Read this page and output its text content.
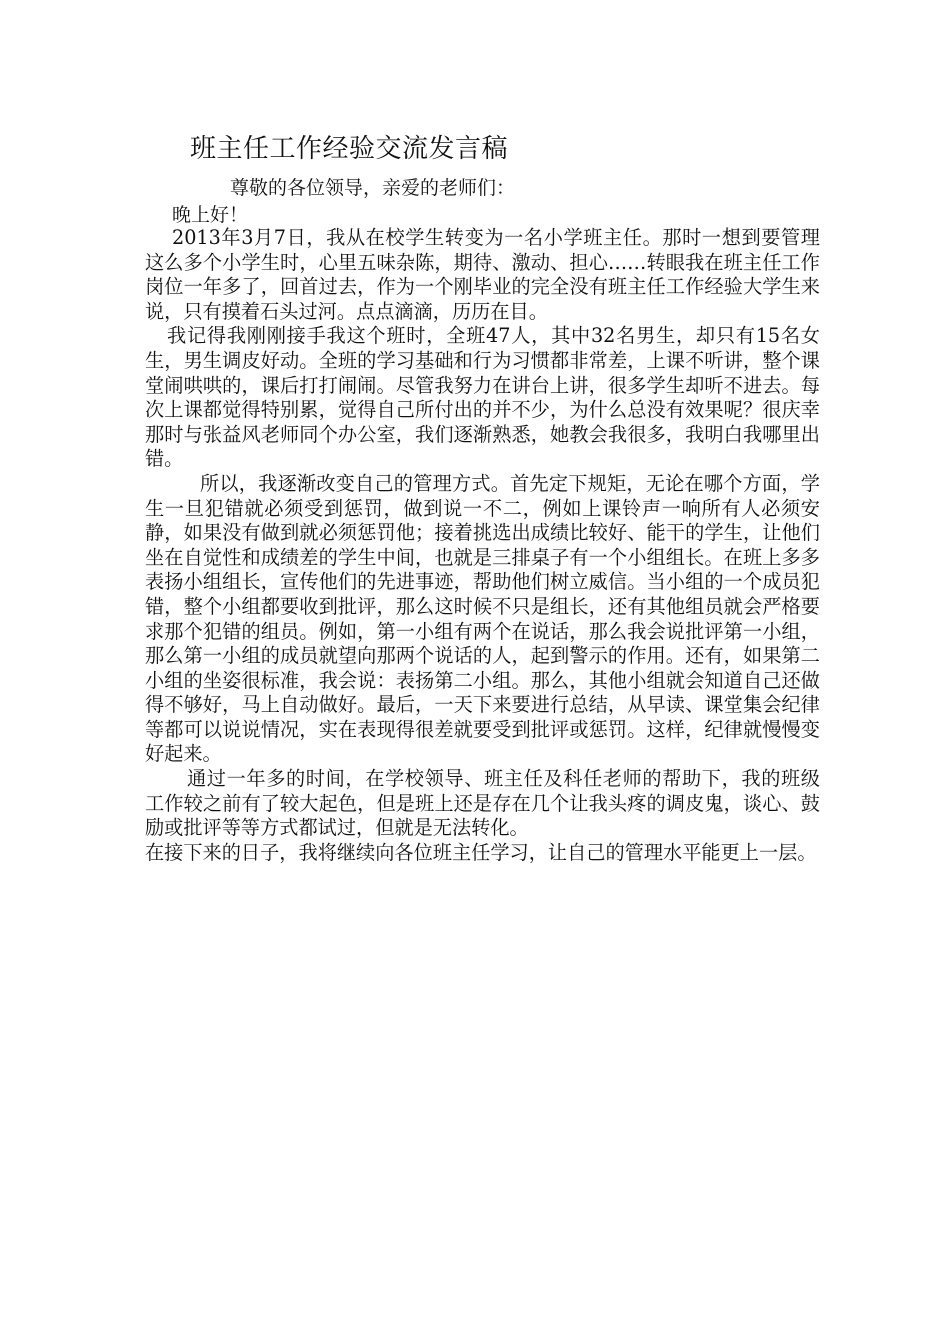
班主任工作经验交流发言稿
尊敬的各位领导，亲爱的老师们：
晚上好！

2013年3月7日，我从在校学生转变为一名小学班主任。那时一想到要管理这么多个小学生时，心里五味杂陈，期待、激动、担心……转眼我在班主任工作岗位一年多了，回首过去，作为一个刚毕业的完全没有班主任工作经验大学生来说，只有摸着石头过河。点点滴滴，历历在目。

我记得我刚刚接手我这个班时，全班47人，其中32名男生，却只有15名女生，男生调皮好动。全班的学习基础和行为习惯都非常差，上课不听讲，整个课堂闹哄哄的，课后打打闹闹。尽管我努力在讲台上讲，很多学生却听不进去。每次上课都觉得特别累，觉得自己所付出的并不少，为什么总没有效果呢？很庆幸那时与张益风老师同个办公室，我们逐渐熟悉，她教会我很多，我明白我哪里出错。

所以，我逐渐改变自己的管理方式。首先定下规矩，无论在哪个方面，学生一旦犯错就必须受到惩罚，做到说一不二，例如上课铃声一响所有人必须安静，如果没有做到就必须惩罚他；接着挑选出成绩比较好、能干的学生，让他们坐在自觉性和成绩差的学生中间，也就是三排桌子有一个小组组长。在班上多多表扬小组组长，宣传他们的先进事迹，帮助他们树立威信。当小组的一个成员犯错，整个小组都要收到批评，那么这时候不只是组长，还有其他组员就会严格要求那个犯错的组员。例如，第一小组有两个在说话，那么我会说批评第一小组，那么第一小组的成员就望向那两个说话的人，起到警示的作用。还有，如果第二小组的坐姿很标准，我会说：表扬第二小组。那么，其他小组就会知道自己还做得不够好，马上自动做好。最后，一天下来要进行总结，从早读、课堂集会纪律等都可以说说情况，实在表现得很差就要受到批评或惩罚。这样，纪律就慢慢变好起来。

通过一年多的时间，在学校领导、班主任及科任老师的帮助下，我的班级工作较之前有了较大起色，但是班上还是存在几个让我头疼的调皮鬼，谈心、鼓励或批评等等方式都试过，但就是无法转化。

在接下来的日子，我将继续向各位班主任学习，让自己的管理水平能更上一层。
